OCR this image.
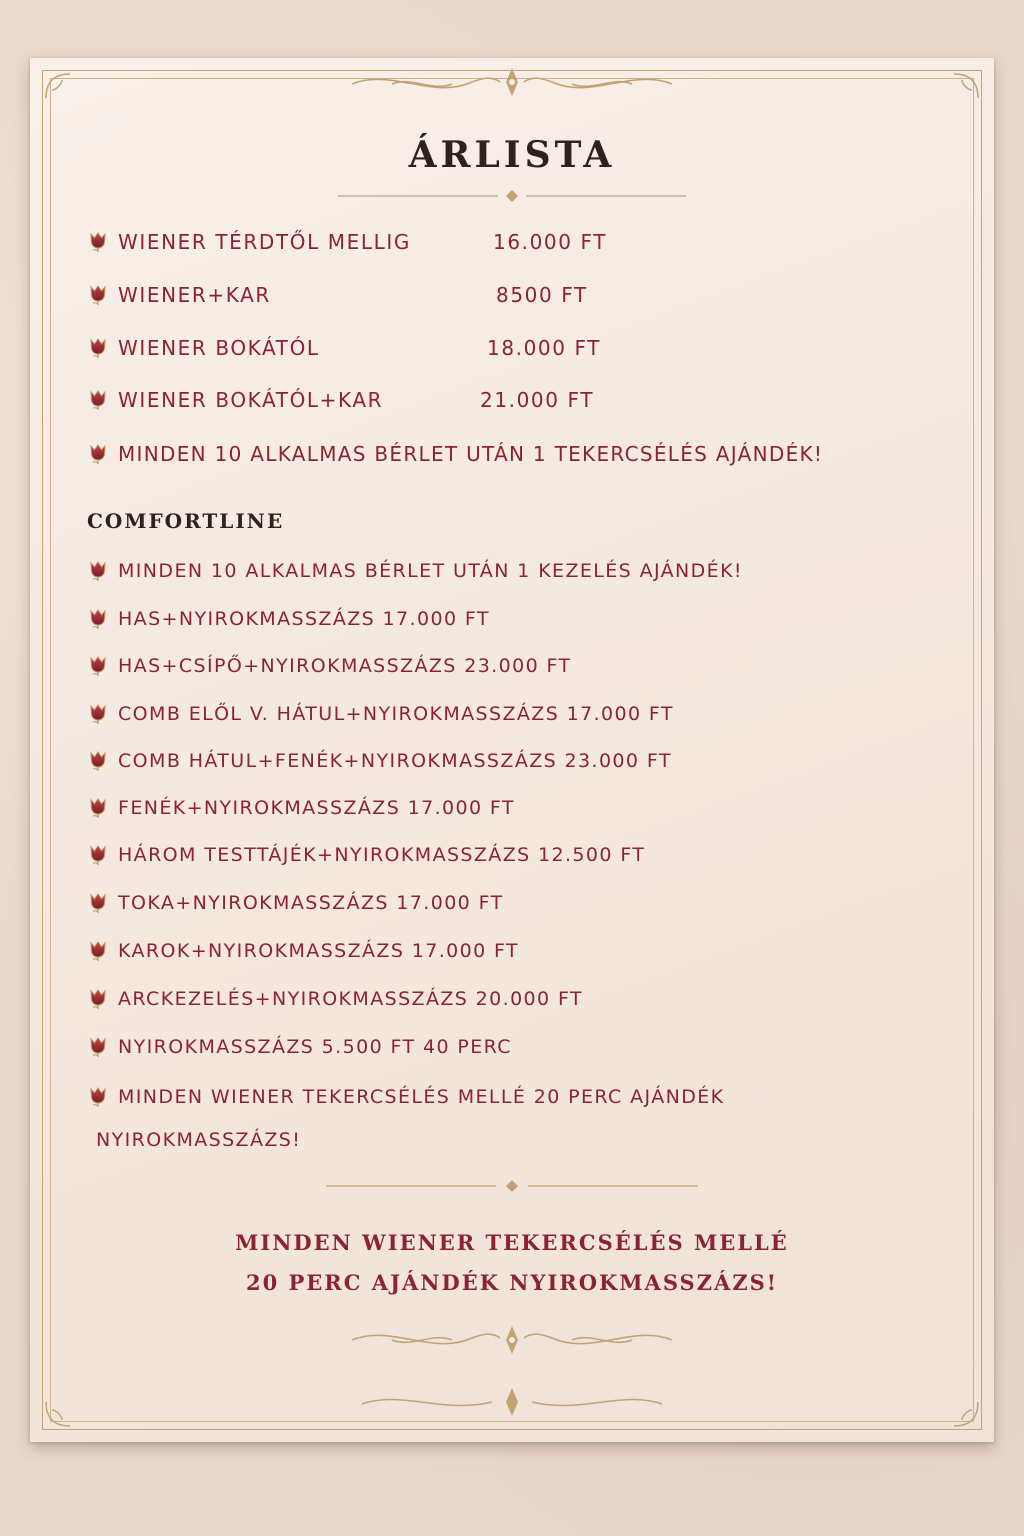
ÁRLISTA
WIENER TÉRDTŐL MELLIG	16.000 FT
WIENER+KAR	8500 FT
WIENER BOKÁTÓL	18.000 FT
WIENER BOKÁTÓL+KAR	21.000 FT
MINDEN 10 ALKALMAS BÉRLET UTÁN 1 TEKERCSÉLÉS AJÁNDÉK!
COMFORTLINE
MINDEN 10 ALKALMAS BÉRLET UTÁN 1 KEZELÉS AJÁNDÉK!
HAS+NYIROKMASSZÁZS 17.000 FT
HAS+CSÍPŐ+NYIROKMASSZÁZS 23.000 FT
COMB ELŐL V. HÁTUL+NYIROKMASSZÁZS 17.000 FT
COMB HÁTUL+FENÉK+NYIROKMASSZÁZS 23.000 FT
FENÉK+NYIROKMASSZÁZS 17.000 FT
HÁROM TESTTÁJÉK+NYIROKMASSZÁZS 12.500 FT
TOKA+NYIROKMASSZÁZS 17.000 FT
KAROK+NYIROKMASSZÁZS 17.000 FT
ARCKEZELÉS+NYIROKMASSZÁZS 20.000 FT
NYIROKMASSZÁZS 5.500 FT 40 PERC
MINDEN WIENER TEKERCSÉLÉS MELLÉ 20 PERC AJÁNDÉK
NYIROKMASSZÁZS!
MINDEN WIENER TEKERCSÉLÉS MELLÉ
20 PERC AJÁNDÉK NYIROKMASSZÁZS!
